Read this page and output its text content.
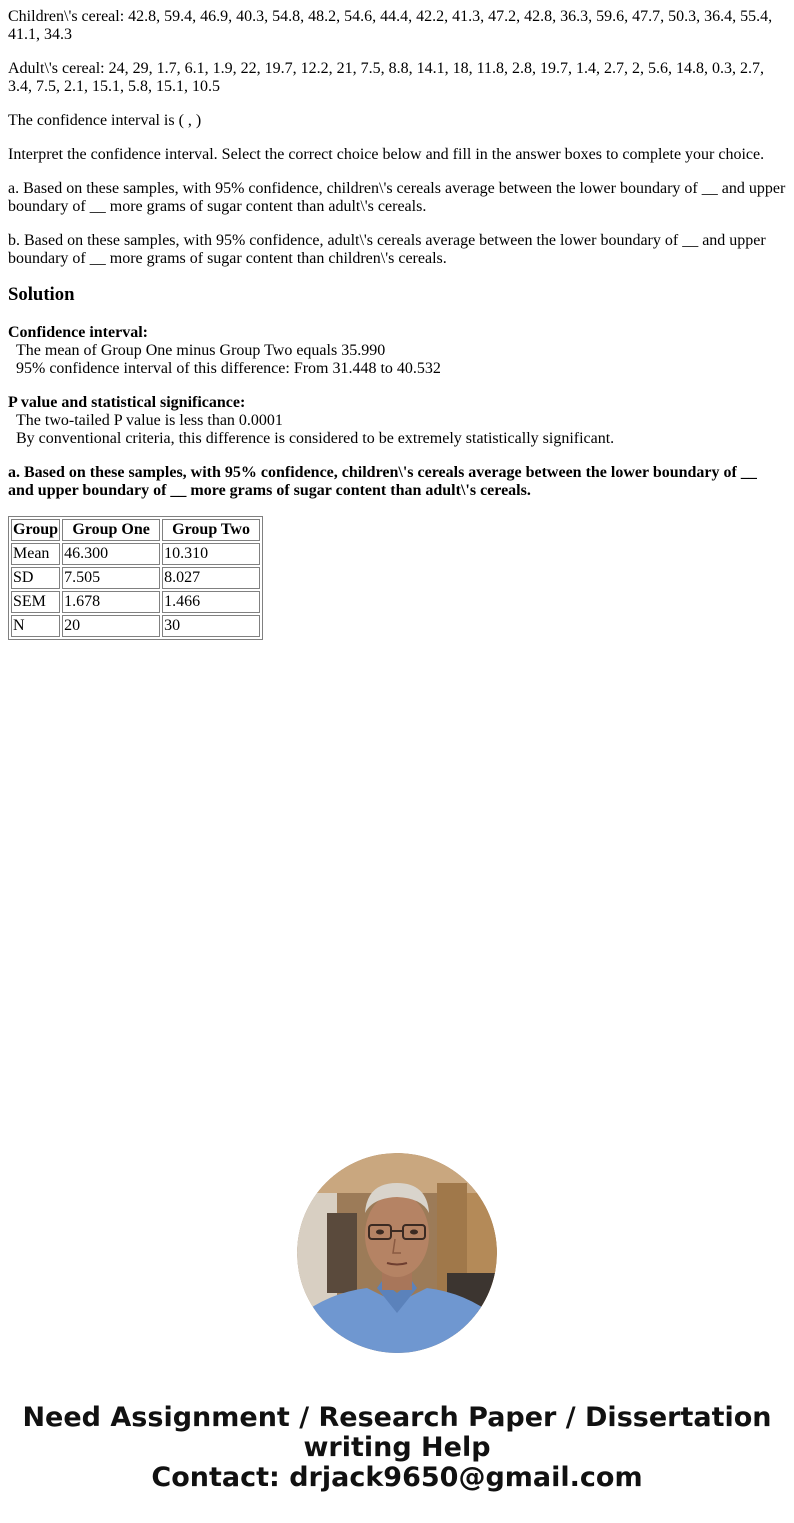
Children\'s cereal: 42.8, 59.4, 46.9, 40.3, 54.8, 48.2, 54.6, 44.4, 42.2, 41.3, 47.2, 42.8, 36.3, 59.6, 47.7, 50.3, 36.4, 55.4, 41.1, 34.3

Adult\'s cereal: 24, 29, 1.7, 6.1, 1.9, 22, 19.7, 12.2, 21, 7.5, 8.8, 14.1, 18, 11.8, 2.8, 19.7, 1.4, 2.7, 2, 5.6, 14.8, 0.3, 2.7, 3.4, 7.5, 2.1, 15.1, 5.8, 15.1, 10.5

The confidence interval is ( , )

Interpret the confidence interval. Select the correct choice below and fill in the answer boxes to complete your choice.

a. Based on these samples, with 95% confidence, children\'s cereals average between the lower boundary of __ and upper boundary of __ more grams of sugar content than adult\'s cereals.

b. Based on these samples, with 95% confidence, adult\'s cereals average between the lower boundary of __ and upper boundary of __ more grams of sugar content than children\'s cereals.

Solution
Confidence interval:
The mean of Group One minus Group Two equals 35.990
95% confidence interval of this difference: From 31.448 to 40.532
P value and statistical significance:
The two-tailed P value is less than 0.0001
By conventional criteria, this difference is considered to be extremely statistically significant.

a. Based on these samples, with 95% confidence, children\'s cereals average between the lower boundary of __ and upper boundary of __ more grams of sugar content than adult\'s cereals.

Group	Group One	Group Two
Mean	46.300	10.310
SD	7.505	8.027
SEM	1.678	1.466
N	20	30
Need Assignment / Research Paper / Dissertation
writing Help
Contact: drjack9650@gmail.com
